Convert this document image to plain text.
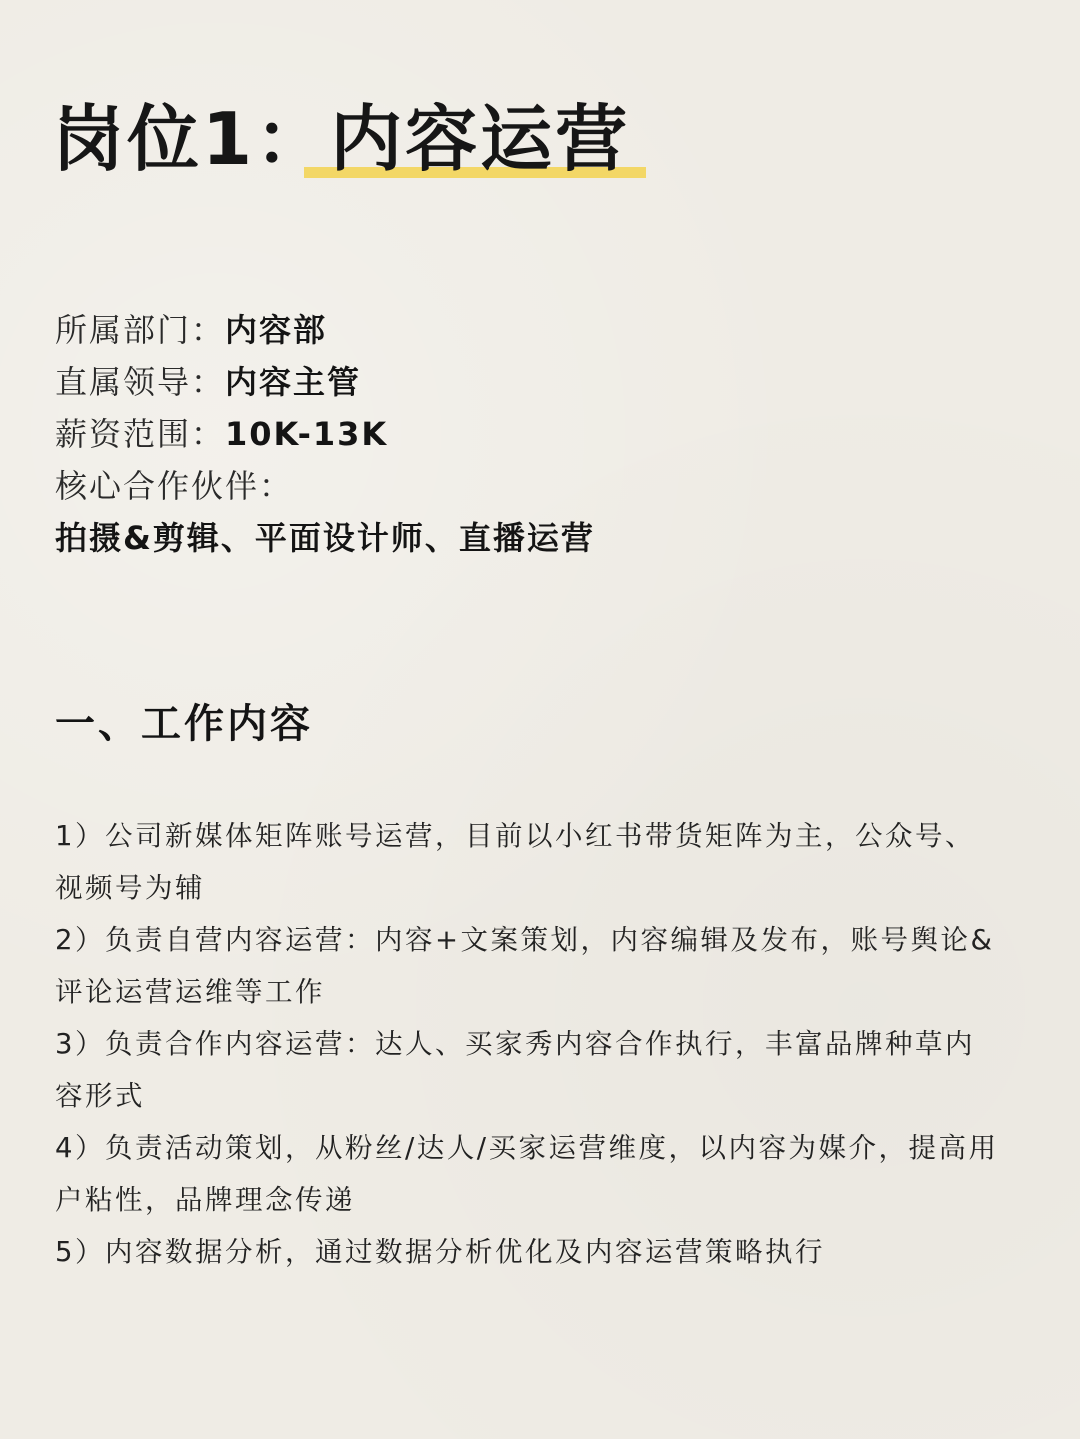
岗位1：内容运营
所属部门：内容部
直属领导：内容主管
薪资范围：10K-13K
核心合作伙伴：
拍摄&剪辑、平面设计师、直播运营
一、工作内容

1）公司新媒体矩阵账号运营，目前以小红书带货矩阵为主，公众号、视频号为辅

2）负责自营内容运营：内容+文案策划，内容编辑及发布，账号舆论&评论运营运维等工作

3）负责合作内容运营：达人、买家秀内容合作执行，丰富品牌种草内容形式

4）负责活动策划，从粉丝/达人/买家运营维度，以内容为媒介，提高用户粘性，品牌理念传递

5）内容数据分析，通过数据分析优化及内容运营策略执行
